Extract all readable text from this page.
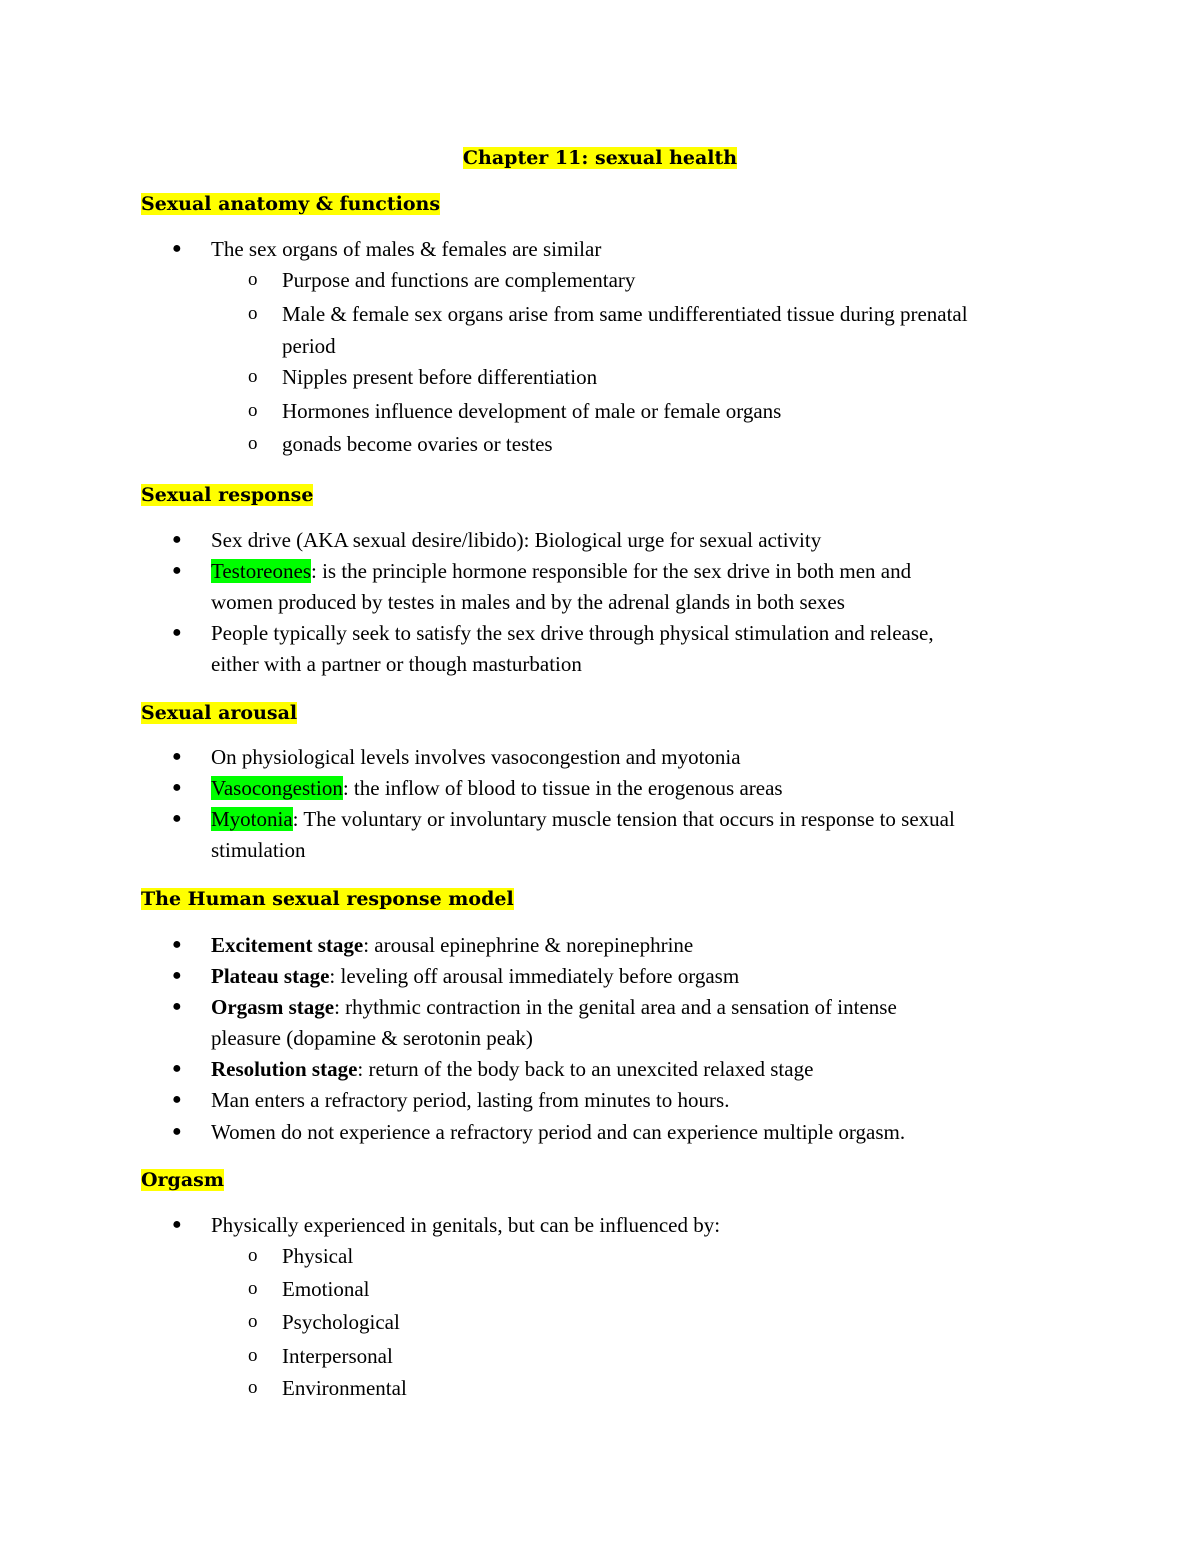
Chapter 11: sexual health
Sexual anatomy & functions
● The sex organs of males & females are similar
o Purpose and functions are complementary
o Male & female sex organs arise from same undifferentiated tissue during prenatal
period
o Nipples present before differentiation
o Hormones influence development of male or female organs
o gonads become ovaries or testes
Sexual response
● Sex drive (AKA sexual desire/libido): Biological urge for sexual activity
● Testoreones: is the principle hormone responsible for the sex drive in both men and
women produced by testes in males and by the adrenal glands in both sexes
● People typically seek to satisfy the sex drive through physical stimulation and release,
either with a partner or though masturbation
Sexual arousal
● On physiological levels involves vasocongestion and myotonia
● Vasocongestion: the inflow of blood to tissue in the erogenous areas
● Myotonia: The voluntary or involuntary muscle tension that occurs in response to sexual
stimulation
The Human sexual response model
● Excitement stage: arousal epinephrine & norepinephrine
● Plateau stage: leveling off arousal immediately before orgasm
● Orgasm stage: rhythmic contraction in the genital area and a sensation of intense
pleasure (dopamine & serotonin peak)
● Resolution stage: return of the body back to an unexcited relaxed stage
● Man enters a refractory period, lasting from minutes to hours.
● Women do not experience a refractory period and can experience multiple orgasm.
Orgasm
● Physically experienced in genitals, but can be influenced by:
o Physical
o Emotional
o Psychological
o Interpersonal
o Environmental
